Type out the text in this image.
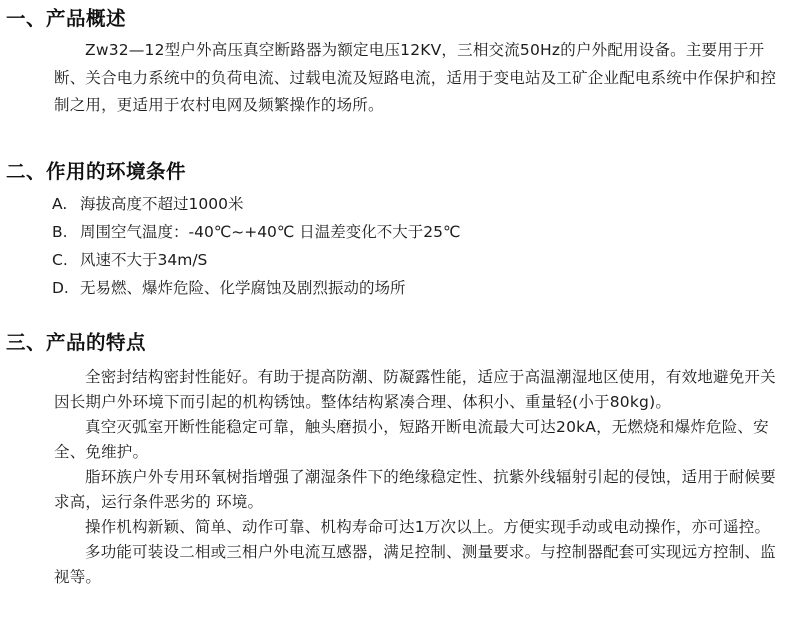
一、产品概述

Zw32—12型户外高压真空断路器为额定电压12KV，三相交流50Hz的户外配用设备。主要用于开断、关合电力系统中的负荷电流、过载电流及短路电流，适用于变电站及工矿企业配电系统中作保护和控制之用，更适用于农村电网及频繁操作的场所。

二、作用的环境条件
A. 海拔高度不超过1000米
B. 周围空气温度：-40℃~+40℃ 日温差变化不大于25℃
C. 风速不大于34m/S
D. 无易燃、爆炸危险、化学腐蚀及剧烈振动的场所
三、产品的特点

全密封结构密封性能好。有助于提高防潮、防凝露性能，适应于高温潮湿地区使用，有效地避免开关因长期户外环境下而引起的机构锈蚀。整体结构紧凑合理、体积小、重量轻(小于80kg)。

真空灭弧室开断性能稳定可靠，触头磨损小，短路开断电流最大可达20kA，无燃烧和爆炸危险、安全、免维护。

脂环族户外专用环氧树指增强了潮湿条件下的绝缘稳定性、抗紫外线辐射引起的侵蚀，适用于耐候要求高，运行条件恶劣的 环境。

操作机构新颖、简单、动作可靠、机构寿命可达1万次以上。方便实现手动或电动操作，亦可遥控。

多功能可装设二相或三相户外电流互感器，满足控制、测量要求。与控制器配套可实现远方控制、监视等。
